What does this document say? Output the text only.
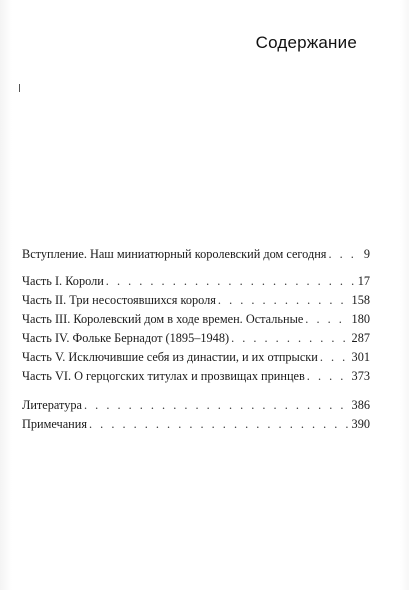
Содержание
Вступление. Наш миниатюрный королевский дом сегодня . . .	9
Часть I. Короли . . .	17
Часть II. Три несостоявшихся короля . . .	158
Часть III. Королевский дом в ходе времен. Остальные . . .	180
Часть IV. Фольке Бернадот (1895–1948) . . .	287
Часть V. Исключившие себя из династии, и их отпрыски . . .	301
Часть VI. О герцогских титулах и прозвищах принцев . . .	373
Литература . . .	386
Примечания . . .	390
